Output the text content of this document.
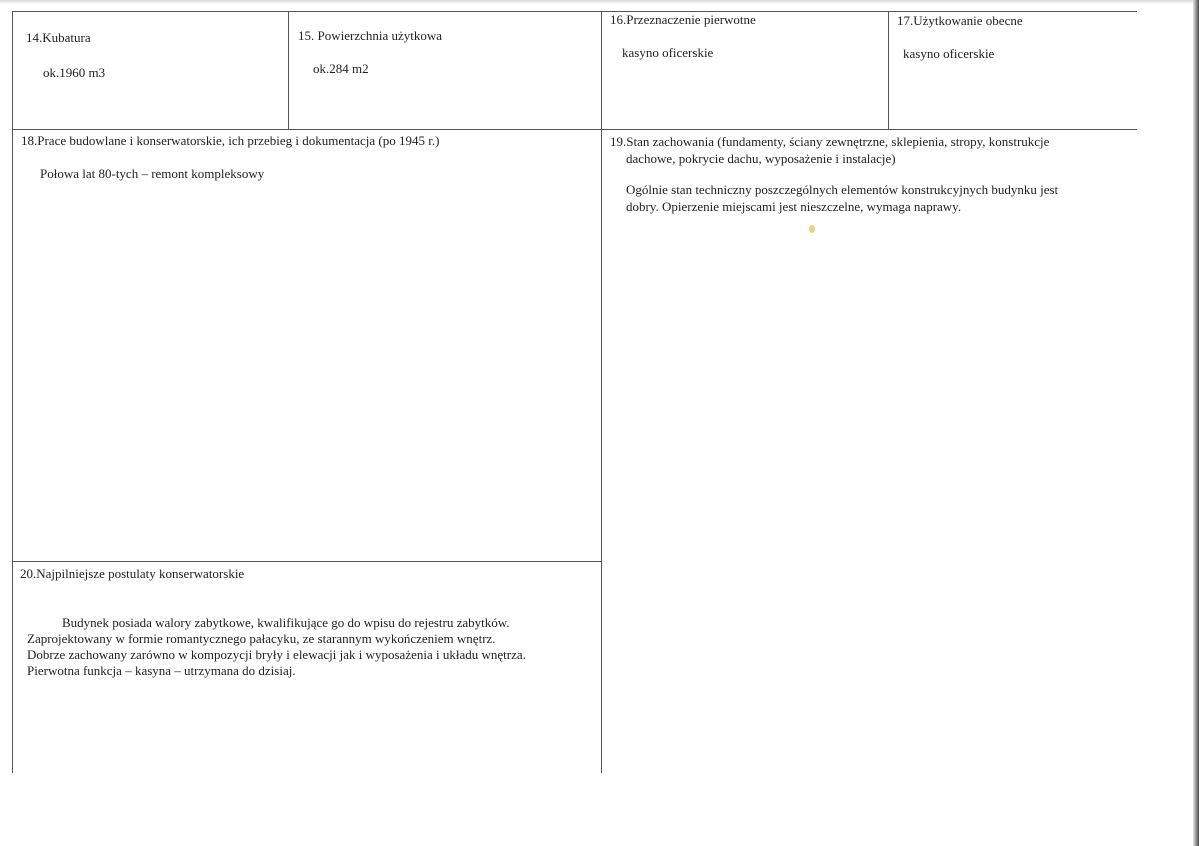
14.Kubatura
ok.1960 m3
15. Powierzchnia użytkowa
ok.284 m2
16.Przeznaczenie pierwotne
kasyno oficerskie
17.Użytkowanie obecne
kasyno oficerskie
18.Prace budowlane i konserwatorskie, ich przebieg i dokumentacja (po 1945 r.)
Połowa lat 80-tych – remont kompleksowy
19.Stan zachowania (fundamenty, ściany zewnętrzne, sklepienia, stropy, konstrukcje
dachowe, pokrycie dachu, wyposażenie i instalacje)
Ogólnie stan techniczny poszczególnych elementów konstrukcyjnych budynku jest
dobry. Opierzenie miejscami jest nieszczelne, wymaga naprawy.
20.Najpilniejsze postulaty konserwatorskie
Budynek posiada walory zabytkowe, kwalifikujące go do wpisu do rejestru zabytków.
Zaprojektowany w formie romantycznego pałacyku, ze starannym wykończeniem wnętrz.
Dobrze zachowany zarówno w kompozycji bryły i elewacji jak i wyposażenia i układu wnętrza.
Pierwotna funkcja – kasyna – utrzymana do dzisiaj.
